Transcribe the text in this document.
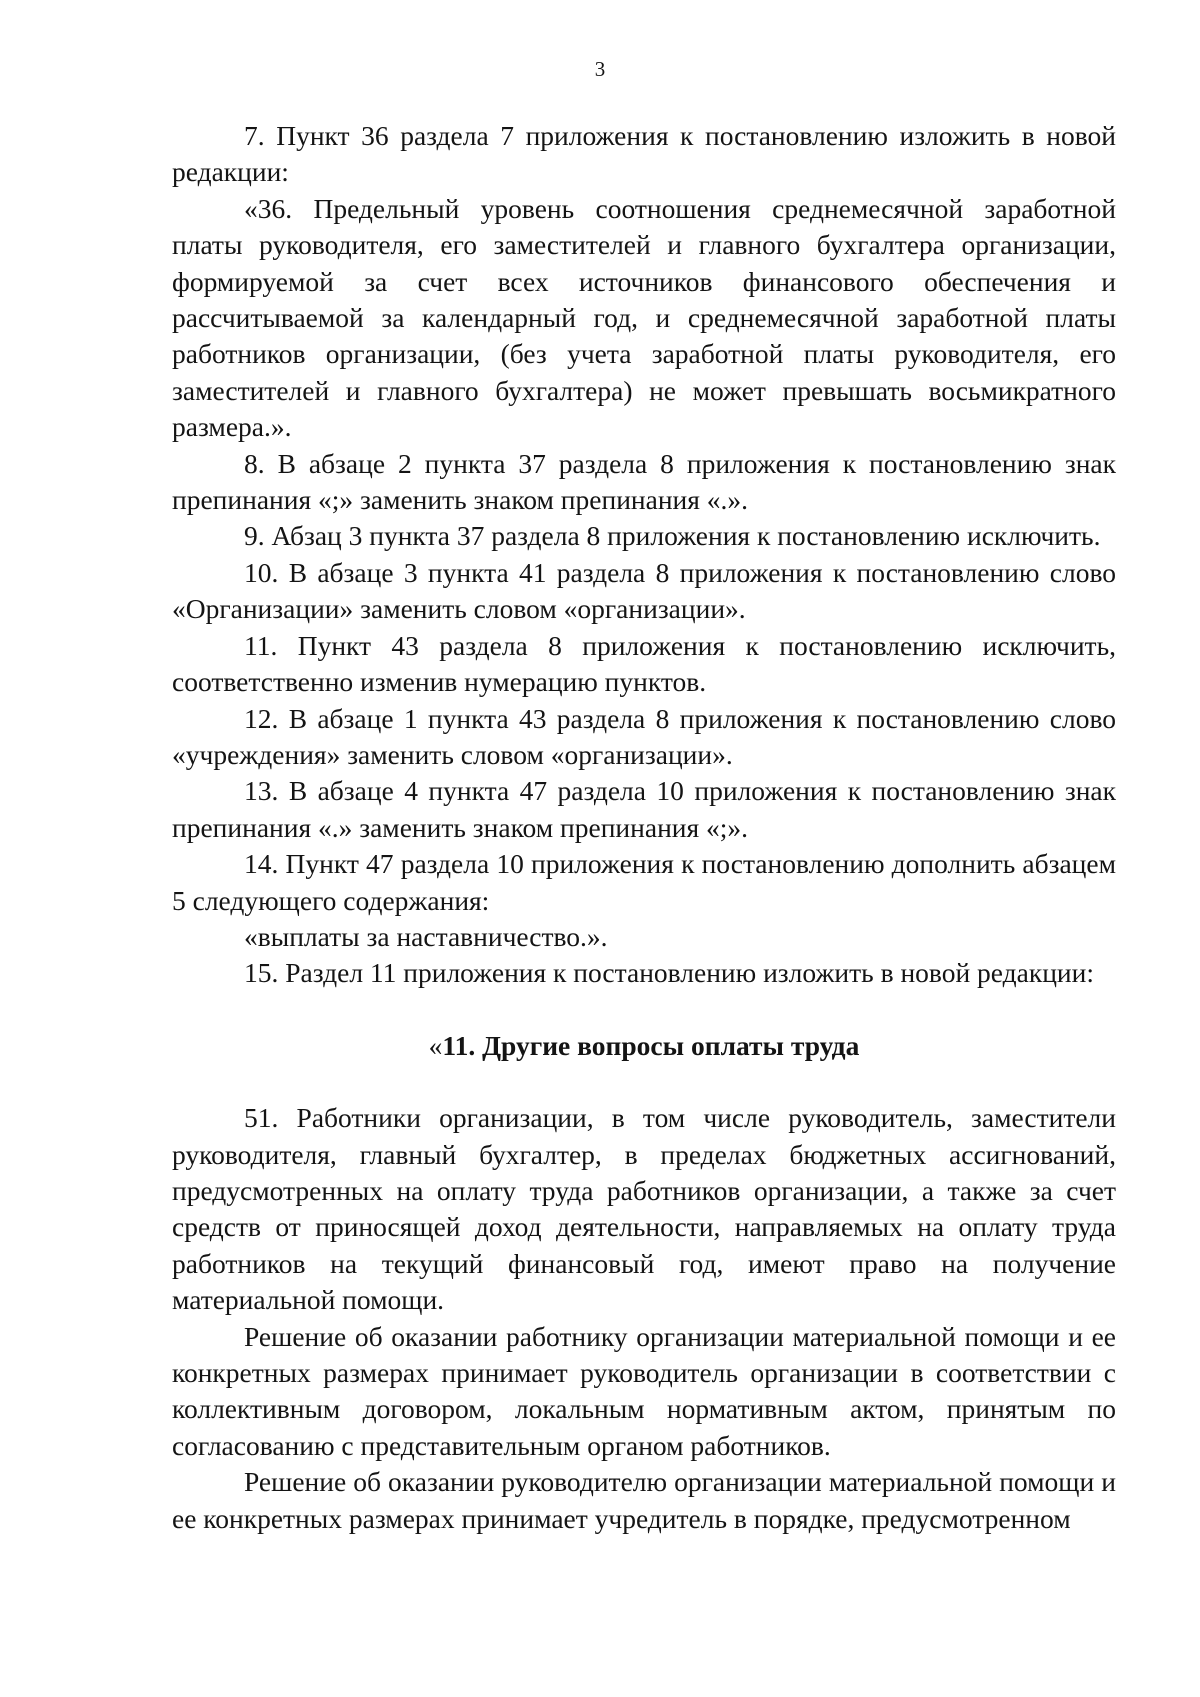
3

7. Пункт 36 раздела 7 приложения к постановлению изложить в новой редакции:

«36. Предельный уровень соотношения среднемесячной заработной платы руководителя, его заместителей и главного бухгалтера организации, формируемой за счет всех источников финансового обеспечения и рассчитываемой за календарный год, и среднемесячной заработной платы работников организации, (без учета заработной платы руководителя, его заместителей и главного бухгалтера) не может превышать восьмикратного размера.».

8. В абзаце 2 пункта 37 раздела 8 приложения к постановлению знак препинания «;» заменить знаком препинания «.».

9. Абзац 3 пункта 37 раздела 8 приложения к постановлению исключить.

10. В абзаце 3 пункта 41 раздела 8 приложения к постановлению слово «Организации» заменить словом «организации».

11. Пункт 43 раздела 8 приложения к постановлению исключить, соответственно изменив нумерацию пунктов.

12. В абзаце 1 пункта 43 раздела 8 приложения к постановлению слово «учреждения» заменить словом «организации».

13. В абзаце 4 пункта 47 раздела 10 приложения к постановлению знак препинания «.» заменить знаком препинания «;».

14. Пункт 47 раздела 10 приложения к постановлению дополнить абзацем 5 следующего содержания:

«выплаты за наставничество.».

15. Раздел 11 приложения к постановлению изложить в новой редакции:

«11. Другие вопросы оплаты труда

51. Работники организации, в том числе руководитель, заместители руководителя, главный бухгалтер, в пределах бюджетных ассигнований, предусмотренных на оплату труда работников организации, а также за счет средств от приносящей доход деятельности, направляемых на оплату труда работников на текущий финансовый год, имеют право на получение материальной помощи.

Решение об оказании работнику организации материальной помощи и ее конкретных размерах принимает руководитель организации в соответствии с коллективным договором, локальным нормативным актом, принятым по согласованию с представительным органом работников.

Решение об оказании руководителю организации материальной помощи и ее конкретных размерах принимает учредитель в порядке, предусмотренном
